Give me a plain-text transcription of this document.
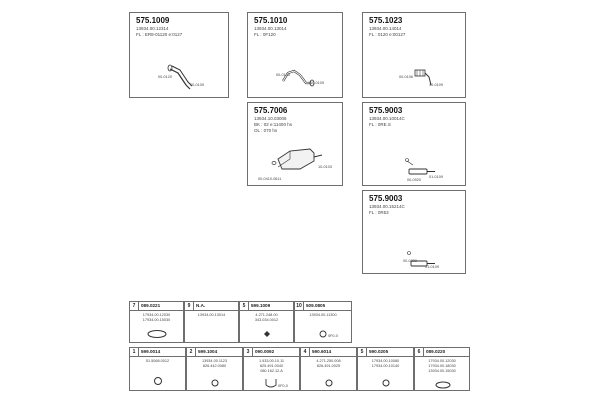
575.1009
13934.00.12314
FL : ER8-01120 e:0127
00-0120
10-0109
575.1010
13934.00.13014
FL : 0F120
00-0103
10-0109
575.1023
13934.00.14014
FL : 0120 e:00127
00-0106
10-0109
575.7006
13934.10.03006
BK : 02 e:11400 hs
OL : 070 hs
00-0410-0611
10-0103
575.9003
13934.00.10014C
FL : 0RE.S
00-0920
01-0109
575.9003
13934.00.15214C
FL : 0R53
00-0809
01-0109
7	089.0221
17934.00.12030
17934.00.15030
9	N.A.
13934.00.13014
5	599.1009
4.271.248.00
343.034.0012
10 509.0805
13934.00.11300
0F0-0
1	599.0014
51.5068.0012
2	599.1004
13934.00.1123
826.442.0080
3	090.0092
1.933.00.10.11
825.491.0040
080.162.12.A
0F0-0
4	590.6014
4.271.250.008
826.491.0025
5	590.0205
17934.00.10080
17934.00.10140
6	089.0220
17934.00.12030
17934.00.18030
13934.00.15030
